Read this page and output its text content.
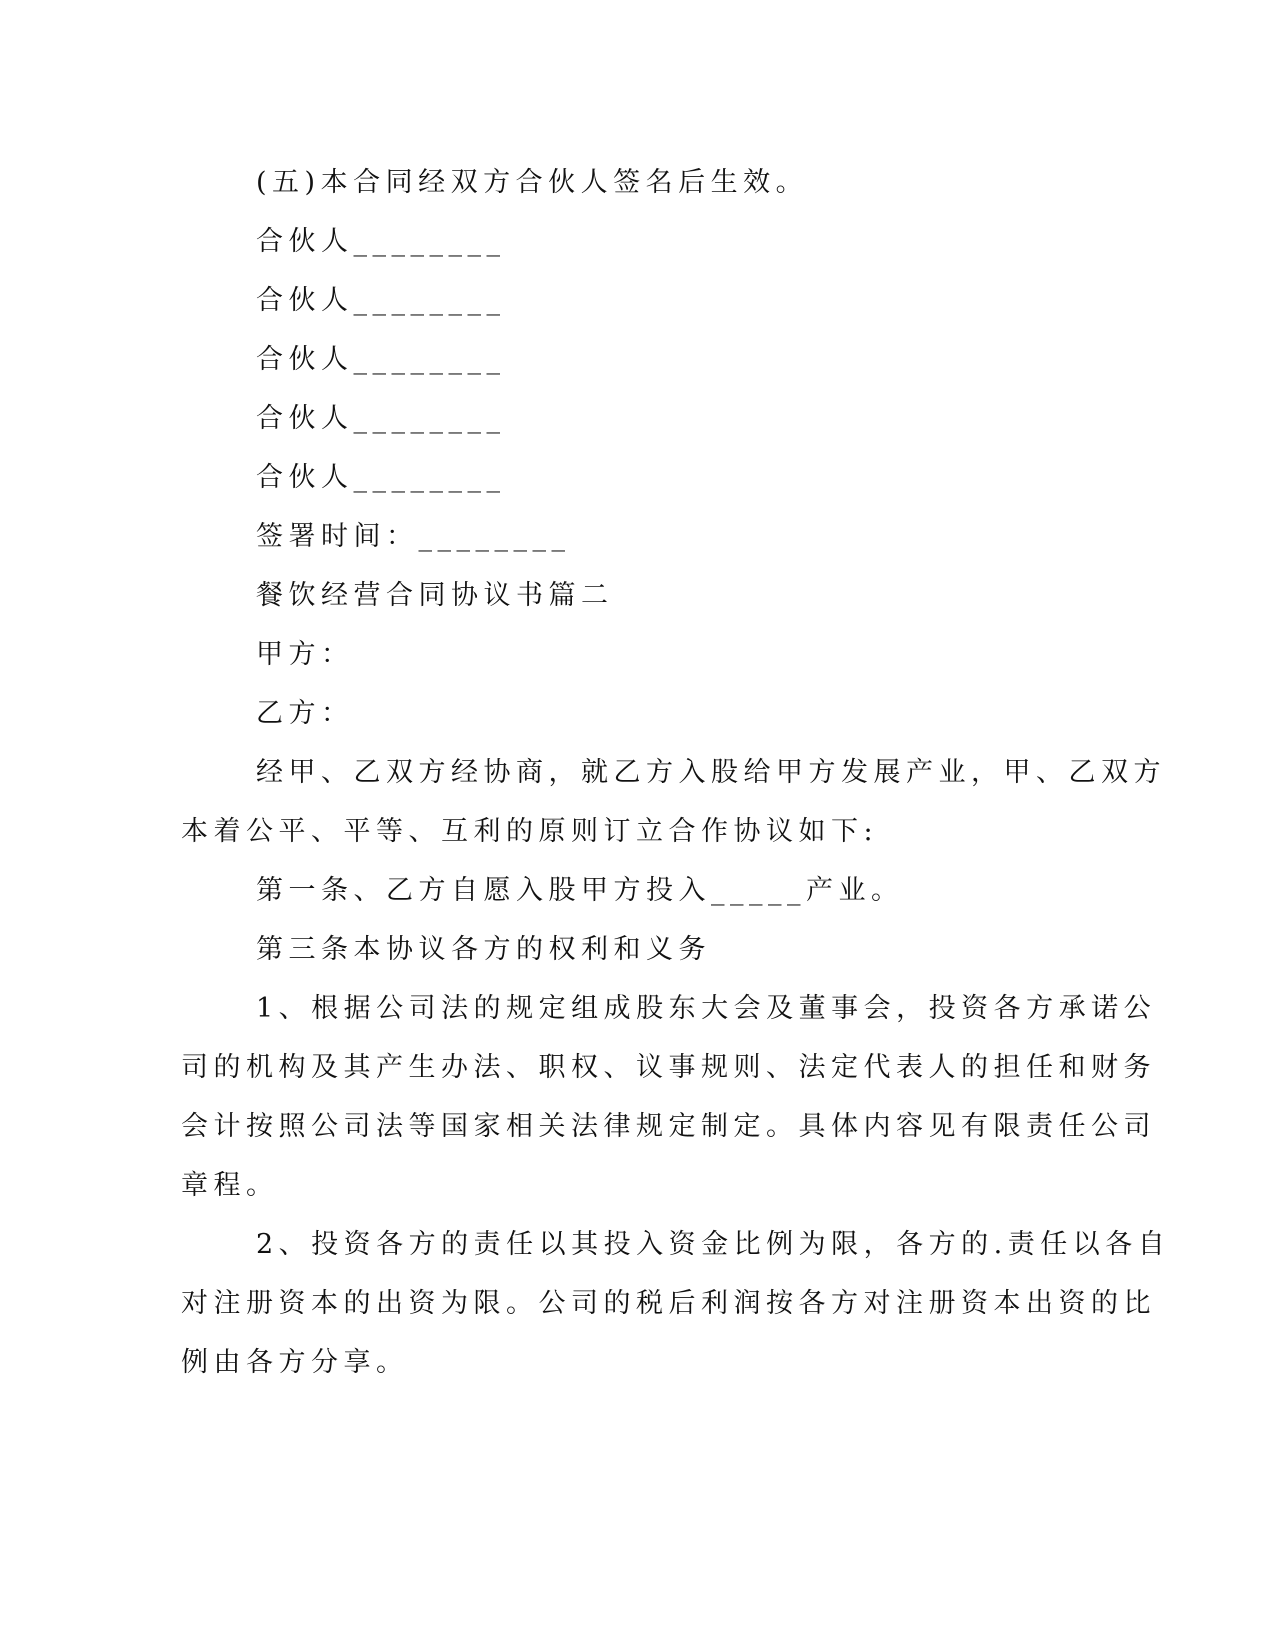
(五)本合同经双方合伙人签名后生效。
合伙人________
合伙人________
合伙人________
合伙人________
合伙人________
签署时间：________
餐饮经营合同协议书篇二
甲方：
乙方：
经甲、乙双方经协商，就乙方入股给甲方发展产业，甲、乙双方
本着公平、平等、互利的原则订立合作协议如下:
第一条、乙方自愿入股甲方投入_____产业。
第三条本协议各方的权利和义务
1、根据公司法的规定组成股东大会及董事会，投资各方承诺公
司的机构及其产生办法、职权、议事规则、法定代表人的担任和财务
会计按照公司法等国家相关法律规定制定。具体内容见有限责任公司
章程。
2、投资各方的责任以其投入资金比例为限，各方的.责任以各自
对注册资本的出资为限。公司的税后利润按各方对注册资本出资的比
例由各方分享。
